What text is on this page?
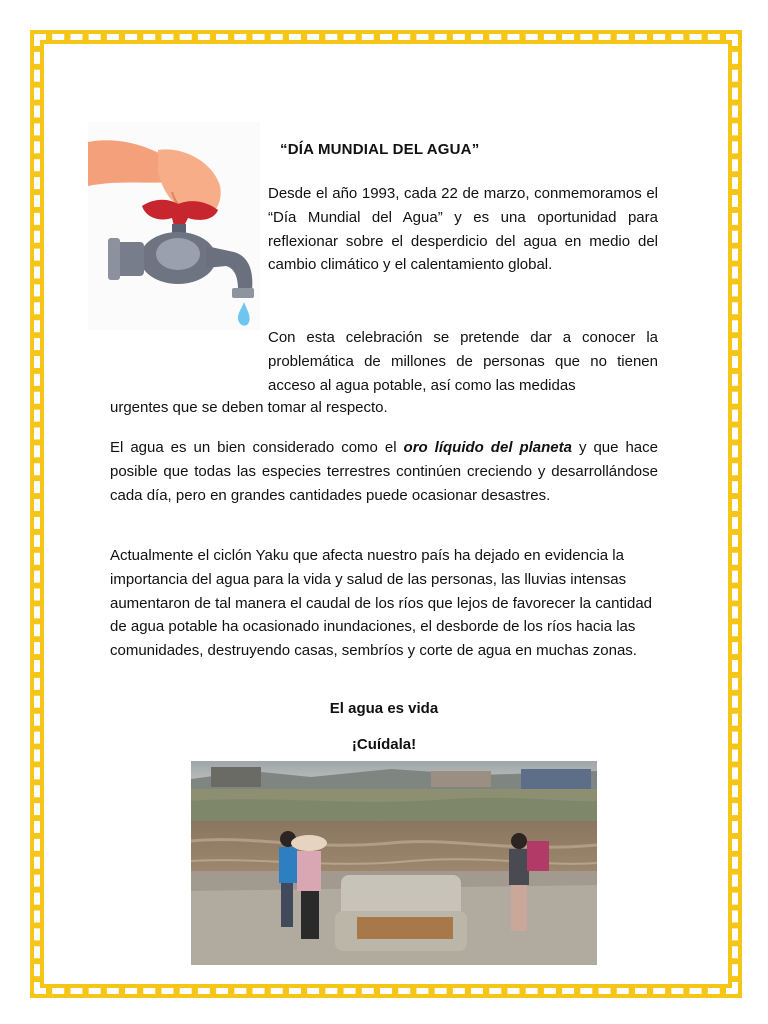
“DÍA MUNDIAL DEL AGUA”
Desde el año 1993, cada 22 de marzo, conmemoramos el “Día Mundial del Agua” y es una oportunidad para reflexionar sobre el desperdicio del agua en medio del cambio climático y el calentamiento global.
Con esta celebración se pretende dar a conocer la problemática de millones de personas que no tienen acceso al agua potable, así como las medidas
urgentes que se deben tomar al respecto.
El agua es un bien considerado como el oro líquido del planeta y que hace posible que todas las especies terrestres continúen creciendo y desarrollándose cada día, pero en grandes cantidades puede ocasionar desastres.
Actualmente el ciclón Yaku que afecta nuestro país ha dejado en evidencia la importancia del agua para la vida y salud de las personas, las lluvias intensas aumentaron de tal manera el caudal de los ríos que lejos de favorecer la cantidad de agua potable ha ocasionado inundaciones, el desborde de los ríos hacia las comunidades, destruyendo casas, sembríos y corte de agua en muchas zonas.
El agua es vida
¡Cuídala!
